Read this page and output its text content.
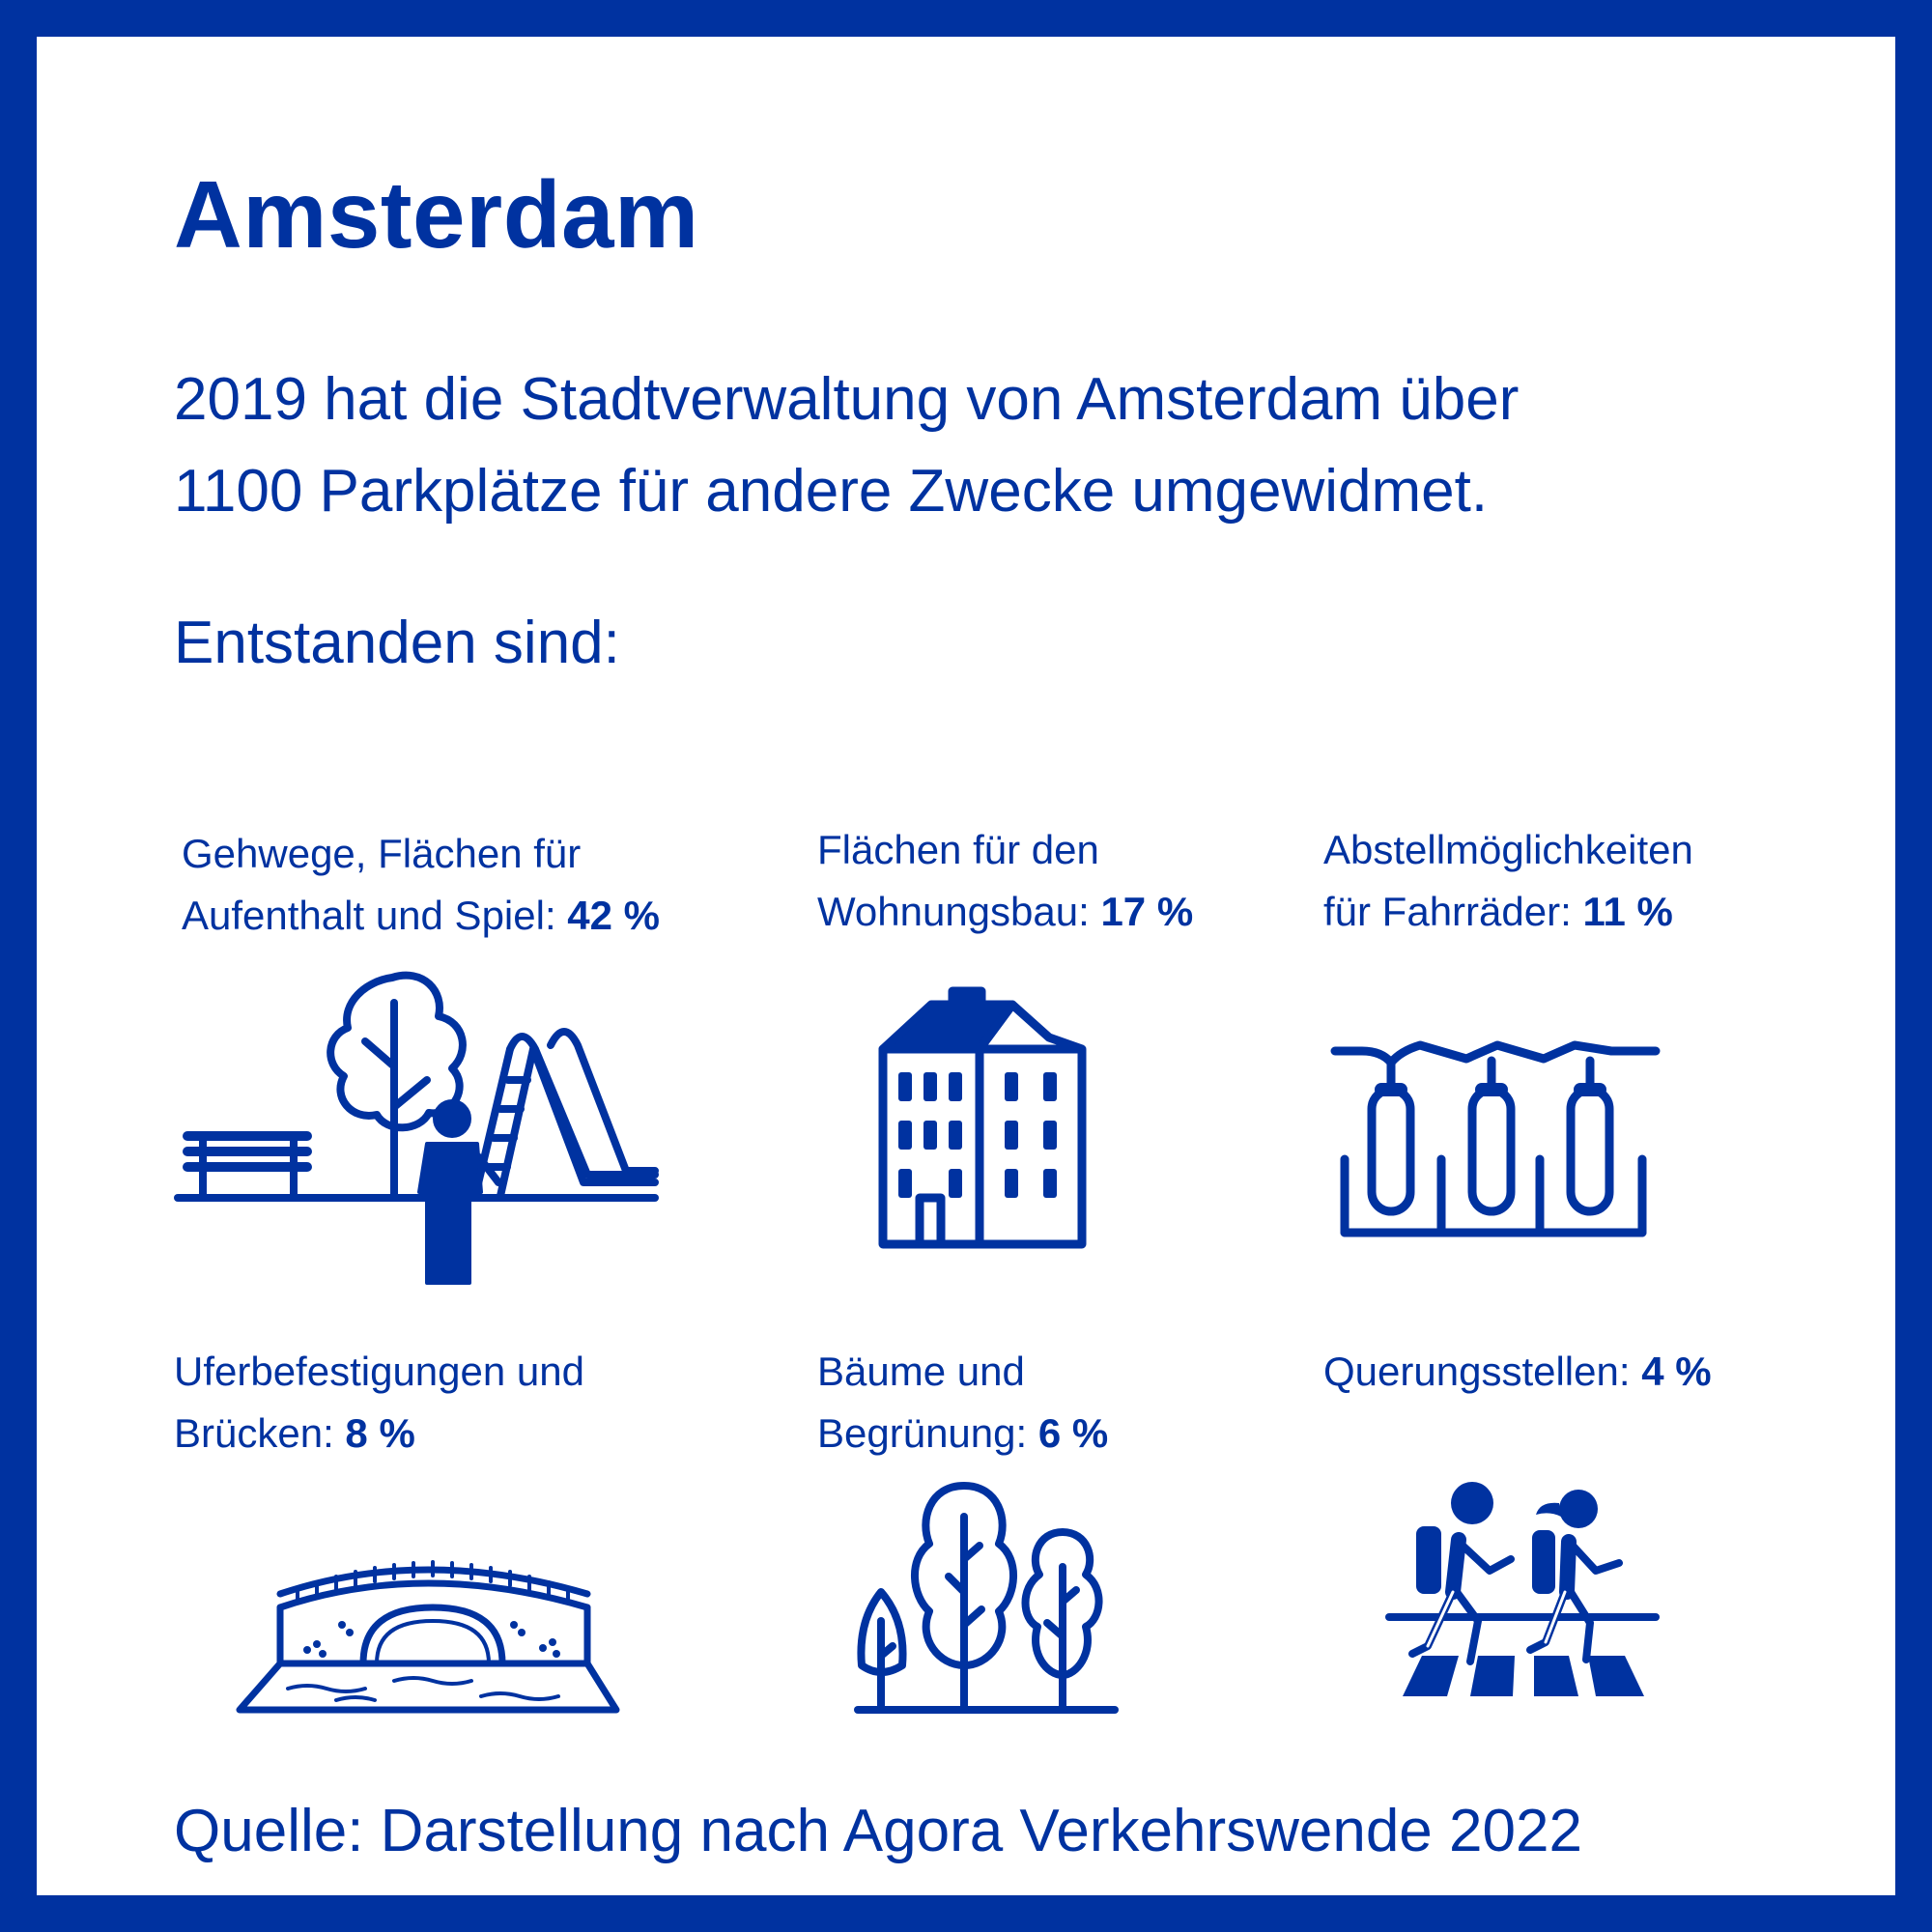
Amsterdam

2019 hat die Stadtverwaltung von Amsterdam über
1100 Parkplätze für andere Zwecke umgewidmet.

Entstanden sind:

Gehwege, Flächen für
Aufenthalt und Spiel: 42 %

Flächen für den
Wohnungsbau: 17 %

Abstellmöglichkeiten
für Fahrräder: 11 %

Uferbefestigungen und
Brücken: 8 %

Bäume und
Begrünung: 6 %

Querungsstellen: 4 %

Quelle: Darstellung nach Agora Verkehrswende 2022
